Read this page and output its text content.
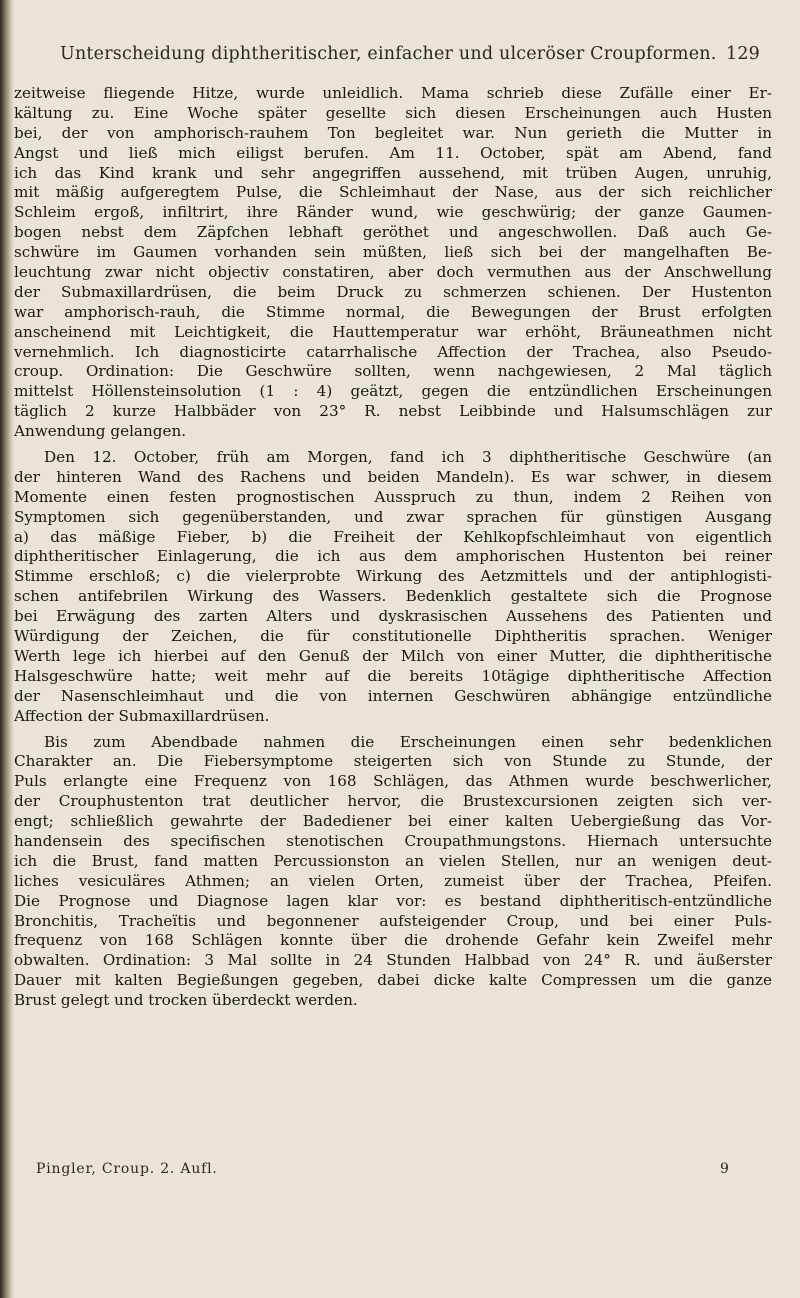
Unterscheidung diphtheritischer, einfacher und ulceröser Croupformen. 129
zeitweise fliegende Hitze, wurde unleidlich. Mama schrieb diese Zufälle einer Er-
kältung zu. Eine Woche später gesellte sich diesen Erscheinungen auch Husten
bei, der von amphorisch-rauhem Ton begleitet war. Nun gerieth die Mutter in
Angst und ließ mich eiligst berufen. Am 11. October, spät am Abend, fand
ich das Kind krank und sehr angegriffen aussehend, mit trüben Augen, unruhig,
mit mäßig aufgeregtem Pulse, die Schleimhaut der Nase, aus der sich reichlicher
Schleim ergoß, infiltrirt, ihre Ränder wund, wie geschwürig; der ganze Gaumen-
bogen nebst dem Zäpfchen lebhaft geröthet und angeschwollen. Daß auch Ge-
schwüre im Gaumen vorhanden sein müßten, ließ sich bei der mangelhaften Be-
leuchtung zwar nicht objectiv constatiren, aber doch vermuthen aus der Anschwellung
der Submaxillardrüsen, die beim Druck zu schmerzen schienen. Der Hustenton
war amphorisch-rauh, die Stimme normal, die Bewegungen der Brust erfolgten
anscheinend mit Leichtigkeit, die Hauttemperatur war erhöht, Bräuneathmen nicht
vernehmlich. Ich diagnosticirte catarrhalische Affection der Trachea, also Pseudo-
croup. Ordination: Die Geschwüre sollten, wenn nachgewiesen, 2 Mal täglich
mittelst Höllensteinsolution (1 : 4) geätzt, gegen die entzündlichen Erscheinungen
täglich 2 kurze Halbbäder von 23° R. nebst Leibbinde und Halsumschlägen zur
Anwendung gelangen.
Den 12. October, früh am Morgen, fand ich 3 diphtheritische Geschwüre (an
der hinteren Wand des Rachens und beiden Mandeln). Es war schwer, in diesem
Momente einen festen prognostischen Ausspruch zu thun, indem 2 Reihen von
Symptomen sich gegenüberstanden, und zwar sprachen für günstigen Ausgang
a) das mäßige Fieber, b) die Freiheit der Kehlkopfschleimhaut von eigentlich
diphtheritischer Einlagerung, die ich aus dem amphorischen Hustenton bei reiner
Stimme erschloß; c) die vielerprobte Wirkung des Aetzmittels und der antiphlogisti-
schen antifebrilen Wirkung des Wassers. Bedenklich gestaltete sich die Prognose
bei Erwägung des zarten Alters und dyskrasischen Aussehens des Patienten und
Würdigung der Zeichen, die für constitutionelle Diphtheritis sprachen. Weniger
Werth lege ich hierbei auf den Genuß der Milch von einer Mutter, die diphtheritische
Halsgeschwüre hatte; weit mehr auf die bereits 10tägige diphtheritische Affection
der Nasenschleimhaut und die von internen Geschwüren abhängige entzündliche
Affection der Submaxillardrüsen.
Bis zum Abendbade nahmen die Erscheinungen einen sehr bedenklichen
Charakter an. Die Fiebersymptome steigerten sich von Stunde zu Stunde, der
Puls erlangte eine Frequenz von 168 Schlägen, das Athmen wurde beschwerlicher,
der Crouphustenton trat deutlicher hervor, die Brustexcursionen zeigten sich ver-
engt; schließlich gewahrte der Badediener bei einer kalten Uebergießung das Vor-
handensein des specifischen stenotischen Croupathmungstons. Hiernach untersuchte
ich die Brust, fand matten Percussionston an vielen Stellen, nur an wenigen deut-
liches vesiculäres Athmen; an vielen Orten, zumeist über der Trachea, Pfeifen.
Die Prognose und Diagnose lagen klar vor: es bestand diphtheritisch-entzündliche
Bronchitis, Tracheïtis und begonnener aufsteigender Croup, und bei einer Puls-
frequenz von 168 Schlägen konnte über die drohende Gefahr kein Zweifel mehr
obwalten. Ordination: 3 Mal sollte in 24 Stunden Halbbad von 24° R. und äußerster
Dauer mit kalten Begießungen gegeben, dabei dicke kalte Compressen um die ganze
Brust gelegt und trocken überdeckt werden.
Pingler, Croup. 2. Aufl.	9
